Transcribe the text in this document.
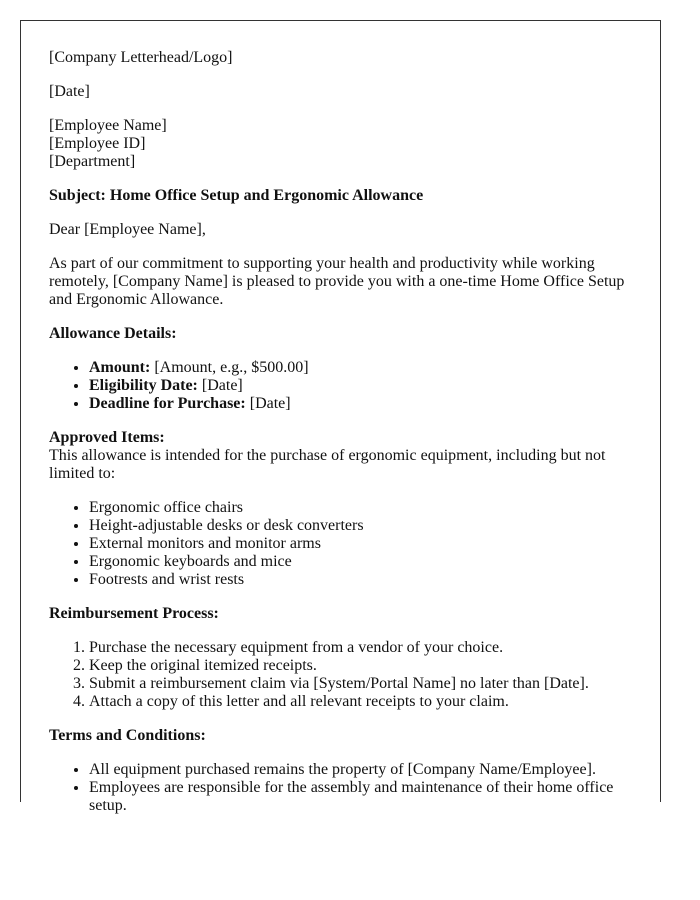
[Company Letterhead/Logo]

[Date]

[Employee Name]
[Employee ID]
[Department]

Subject: Home Office Setup and Ergonomic Allowance

Dear [Employee Name],

As part of our commitment to supporting your health and productivity while working remotely, [Company Name] is pleased to provide you with a one-time Home Office Setup and Ergonomic Allowance.

Allowance Details:

• Amount: [Amount, e.g., $500.00]
• Eligibility Date: [Date]
• Deadline for Purchase: [Date]

Approved Items:
This allowance is intended for the purchase of ergonomic equipment, including but not limited to:

• Ergonomic office chairs
• Height-adjustable desks or desk converters
• External monitors and monitor arms
• Ergonomic keyboards and mice
• Footrests and wrist rests

Reimbursement Process:

1. Purchase the necessary equipment from a vendor of your choice.
2. Keep the original itemized receipts.
3. Submit a reimbursement claim via [System/Portal Name] no later than [Date].
4. Attach a copy of this letter and all relevant receipts to your claim.

Terms and Conditions:

• All equipment purchased remains the property of [Company Name/Employee].
• Employees are responsible for the assembly and maintenance of their home office setup.
